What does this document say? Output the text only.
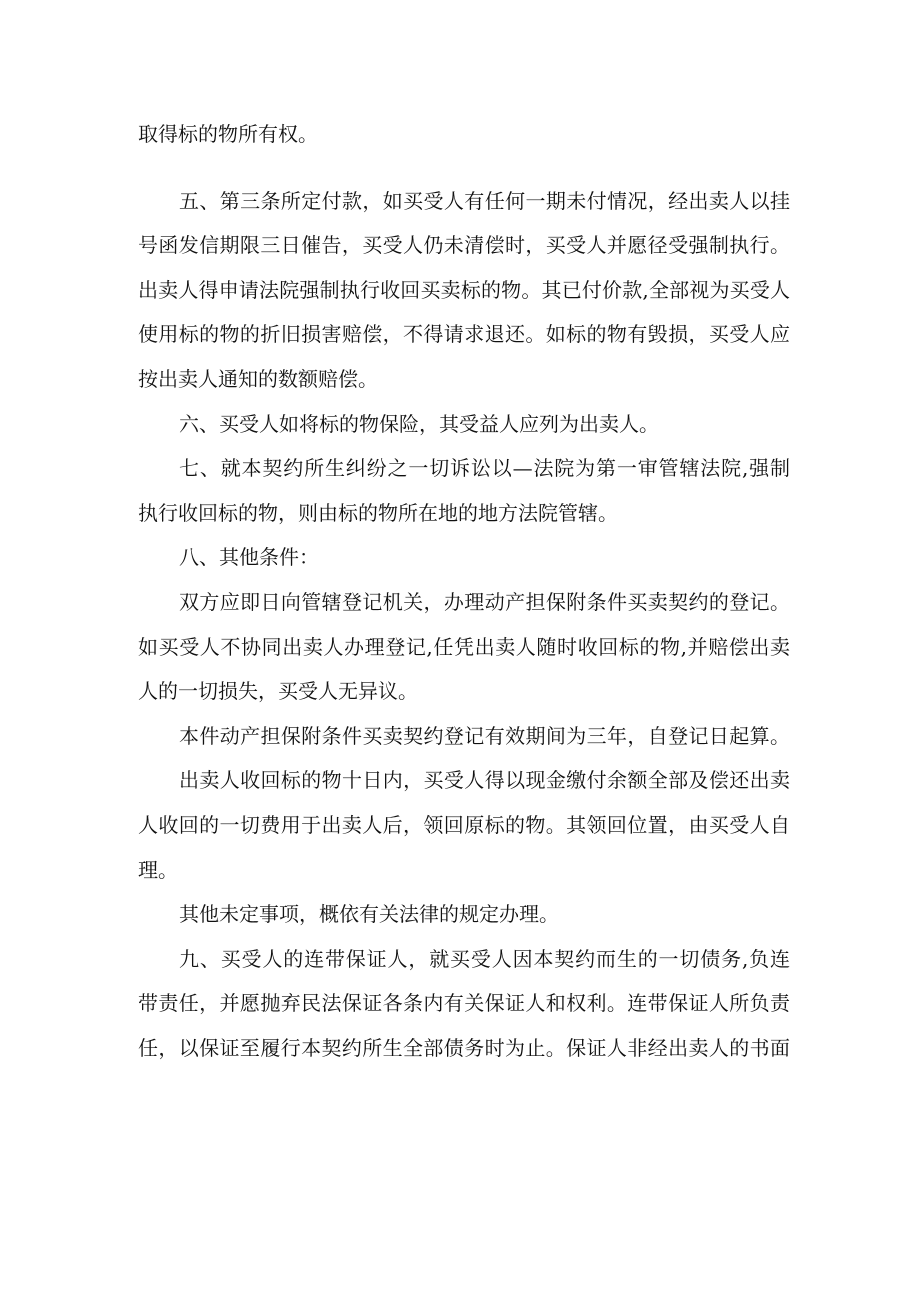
取得标的物所有权。
五、第三条所定付款，如买受人有任何一期未付情况，经出卖人以挂
号函发信期限三日催告，买受人仍未清偿时，买受人并愿径受强制执行。
出卖人得申请法院强制执行收回买卖标的物。其已付价款,全部视为买受人
使用标的物的折旧损害赔偿，不得请求退还。如标的物有毁损，买受人应
按出卖人通知的数额赔偿。
六、买受人如将标的物保险，其受益人应列为出卖人。
七、就本契约所生纠纷之一切诉讼以—法院为第一审管辖法院,强制
执行收回标的物，则由标的物所在地的地方法院管辖。
八、其他条件：
双方应即日向管辖登记机关，办理动产担保附条件买卖契约的登记。
如买受人不协同出卖人办理登记,任凭出卖人随时收回标的物,并赔偿出卖
人的一切损失，买受人无异议。
本件动产担保附条件买卖契约登记有效期间为三年，自登记日起算。
出卖人收回标的物十日内，买受人得以现金缴付余额全部及偿还出卖
人收回的一切费用于出卖人后，领回原标的物。其领回位置，由买受人自
理。
其他未定事项，概依有关法律的规定办理。
九、买受人的连带保证人，就买受人因本契约而生的一切债务,负连
带责任，并愿抛弃民法保证各条内有关保证人和权利。连带保证人所负责
任，以保证至履行本契约所生全部债务时为止。保证人非经出卖人的书面
